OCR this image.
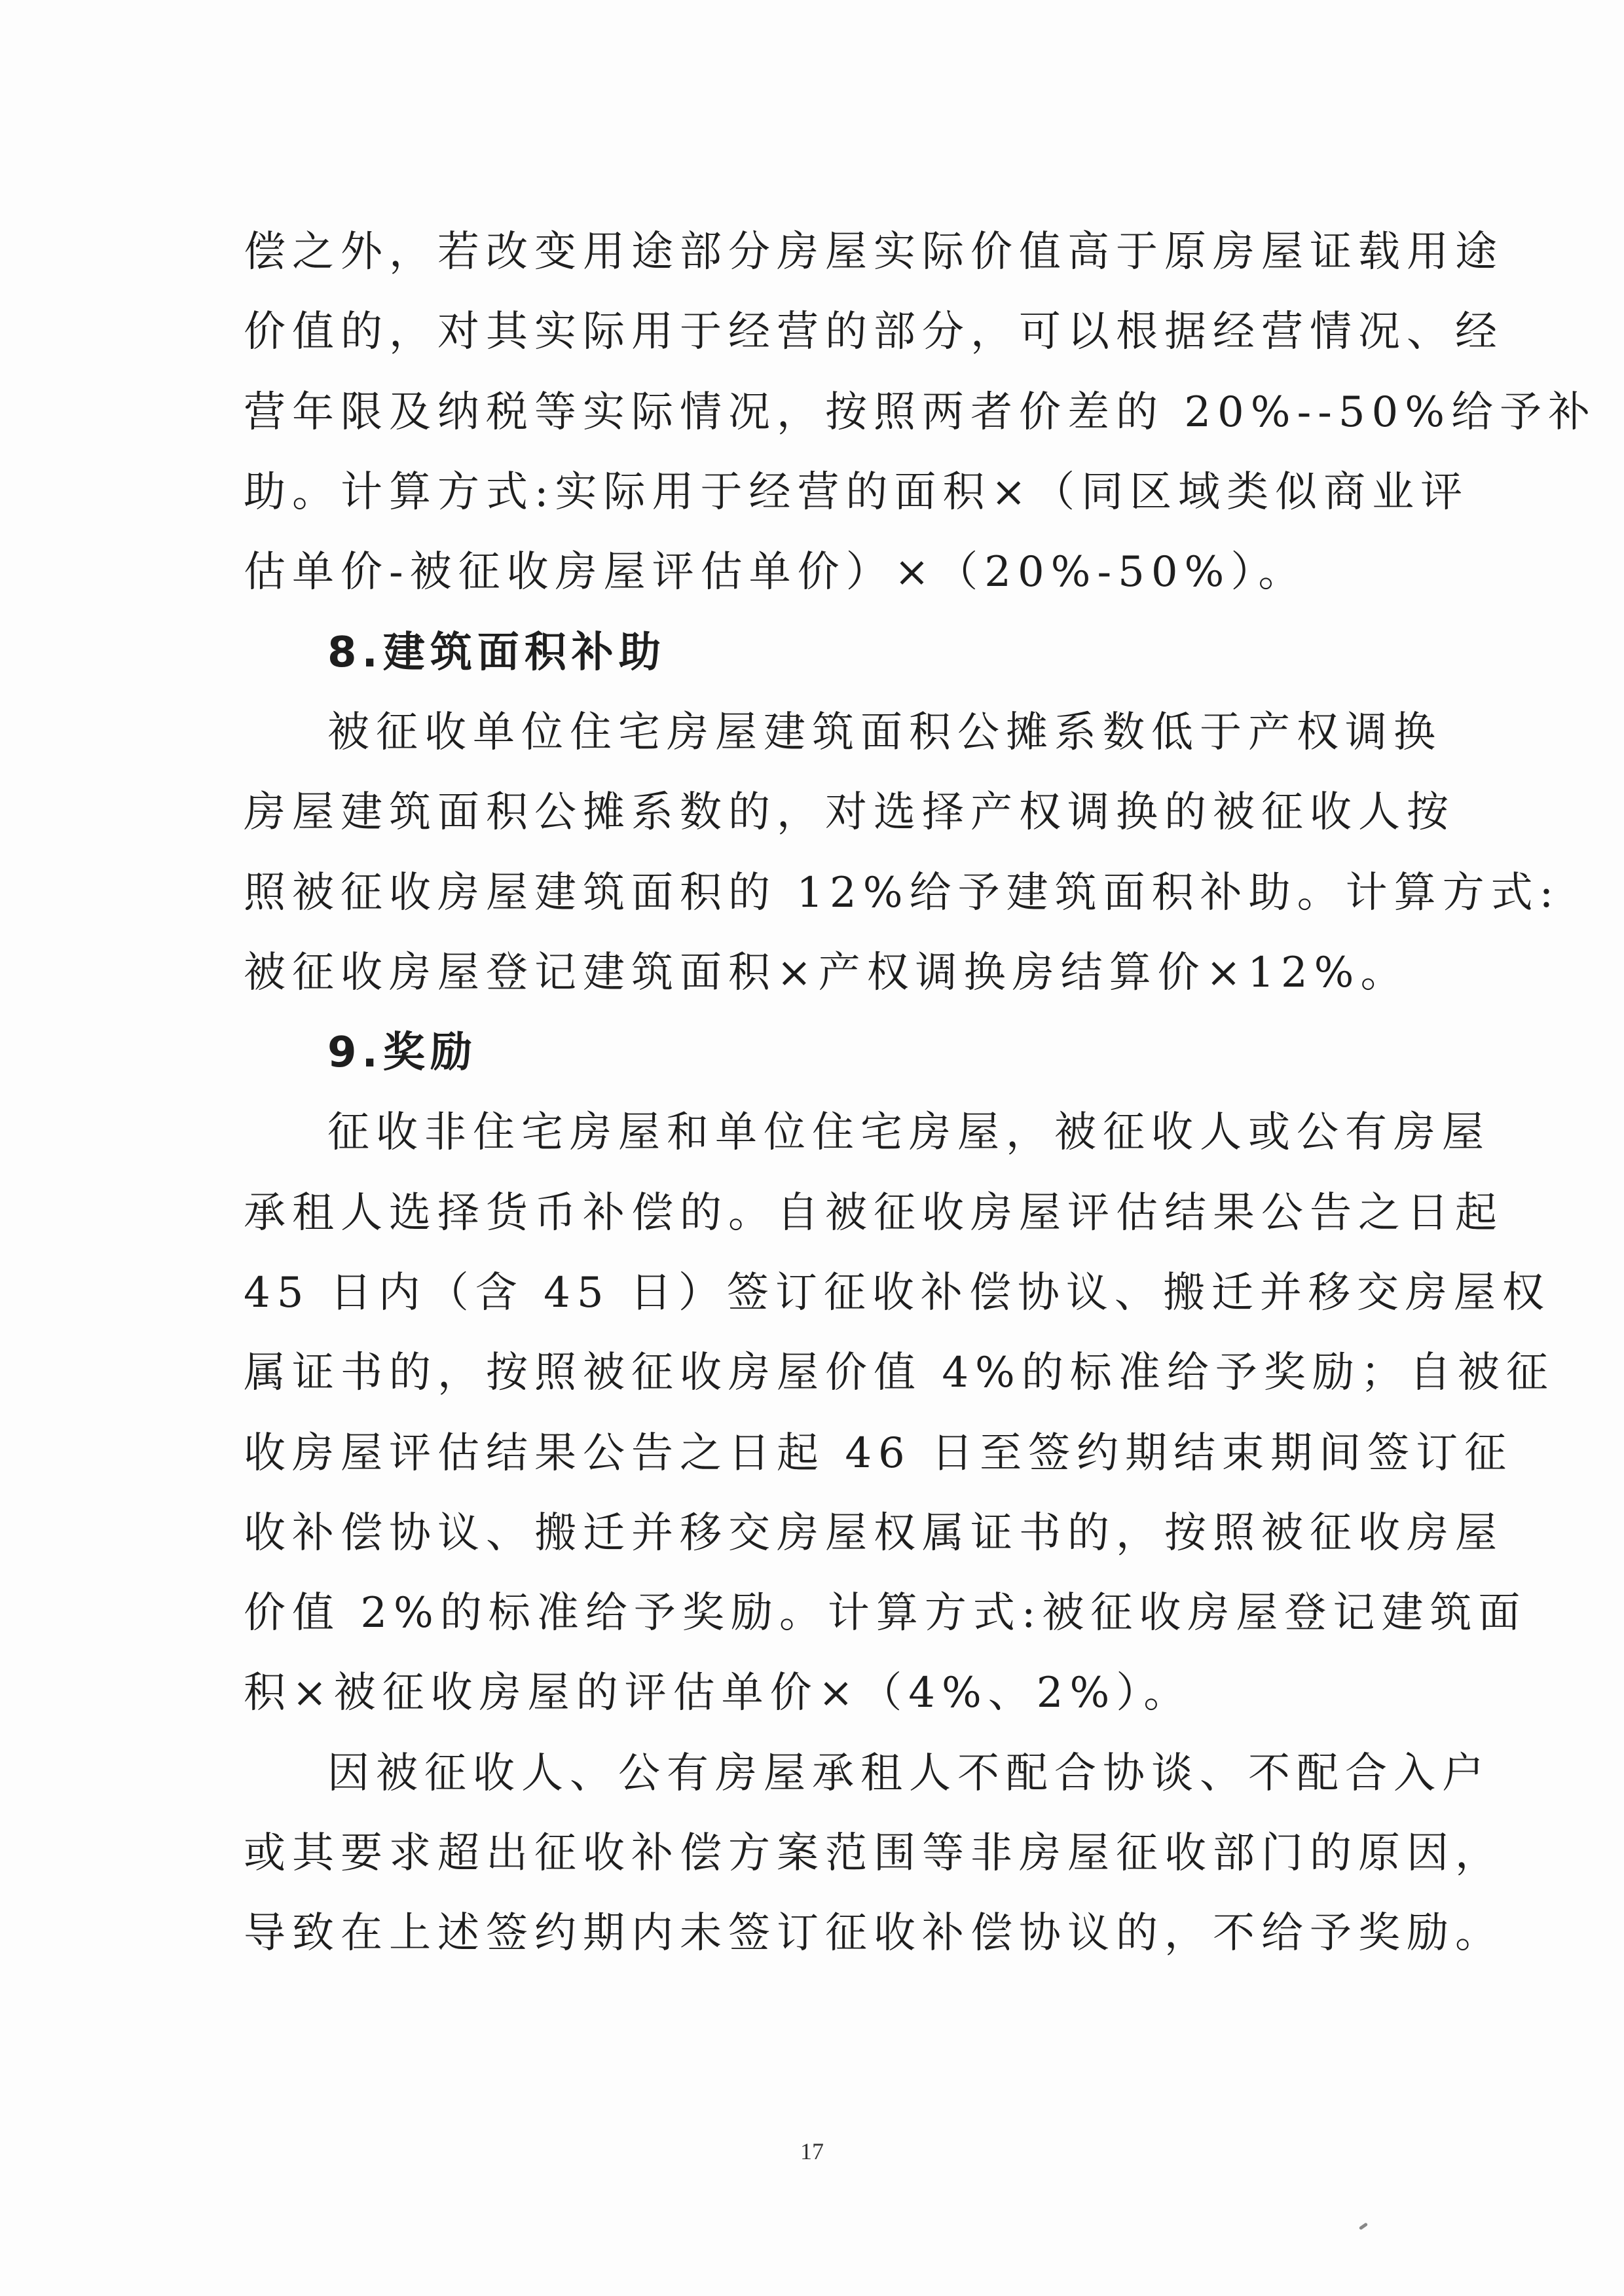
偿之外，若改变用途部分房屋实际价值高于原房屋证载用途
价值的，对其实际用于经营的部分，可以根据经营情况、经
营年限及纳税等实际情况，按照两者价差的 20%--50%给予补
助。计算方式:实际用于经营的面积×（同区域类似商业评
估单价-被征收房屋评估单价）×（20%-50%）。
8.建筑面积补助
被征收单位住宅房屋建筑面积公摊系数低于产权调换
房屋建筑面积公摊系数的，对选择产权调换的被征收人按
照被征收房屋建筑面积的 12%给予建筑面积补助。计算方式:
被征收房屋登记建筑面积×产权调换房结算价×12%。
9.奖励
征收非住宅房屋和单位住宅房屋，被征收人或公有房屋
承租人选择货币补偿的。自被征收房屋评估结果公告之日起
45 日内（含 45 日）签订征收补偿协议、搬迁并移交房屋权
属证书的，按照被征收房屋价值 4%的标准给予奖励；自被征
收房屋评估结果公告之日起 46 日至签约期结束期间签订征
收补偿协议、搬迁并移交房屋权属证书的，按照被征收房屋
价值 2%的标准给予奖励。计算方式:被征收房屋登记建筑面
积×被征收房屋的评估单价×（4%、2%）。
因被征收人、公有房屋承租人不配合协谈、不配合入户
或其要求超出征收补偿方案范围等非房屋征收部门的原因，
导致在上述签约期内未签订征收补偿协议的，不给予奖励。
17
